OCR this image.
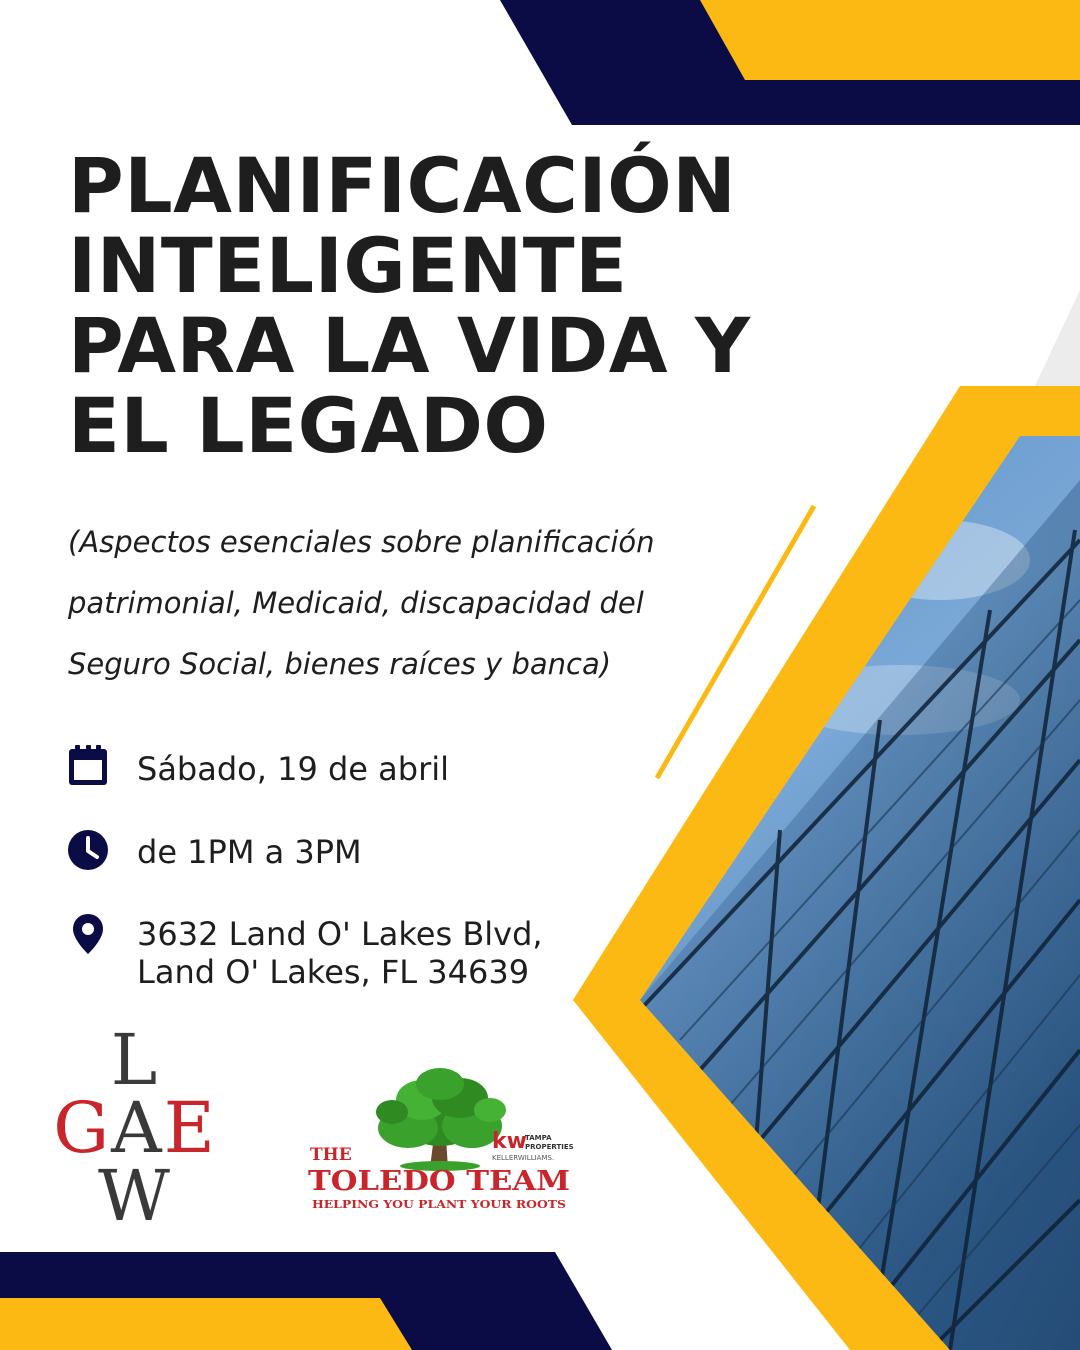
PLANIFICACIÓN
INTELIGENTE
PARA LA VIDA Y
EL LEGADO
(Aspectos esenciales sobre planificación
patrimonial, Medicaid, discapacidad del
Seguro Social, bienes raíces y banca)
Sábado, 19 de abril
de 1PM a 3PM
3632 Land O' Lakes Blvd,
Land O' Lakes, FL 34639
L
GAE
W	THE
kw
TAMPA
PROPERTIES
KELLERWILLIAMS.
TOLEDO TEAM
HELPING YOU PLANT YOUR ROOTS
